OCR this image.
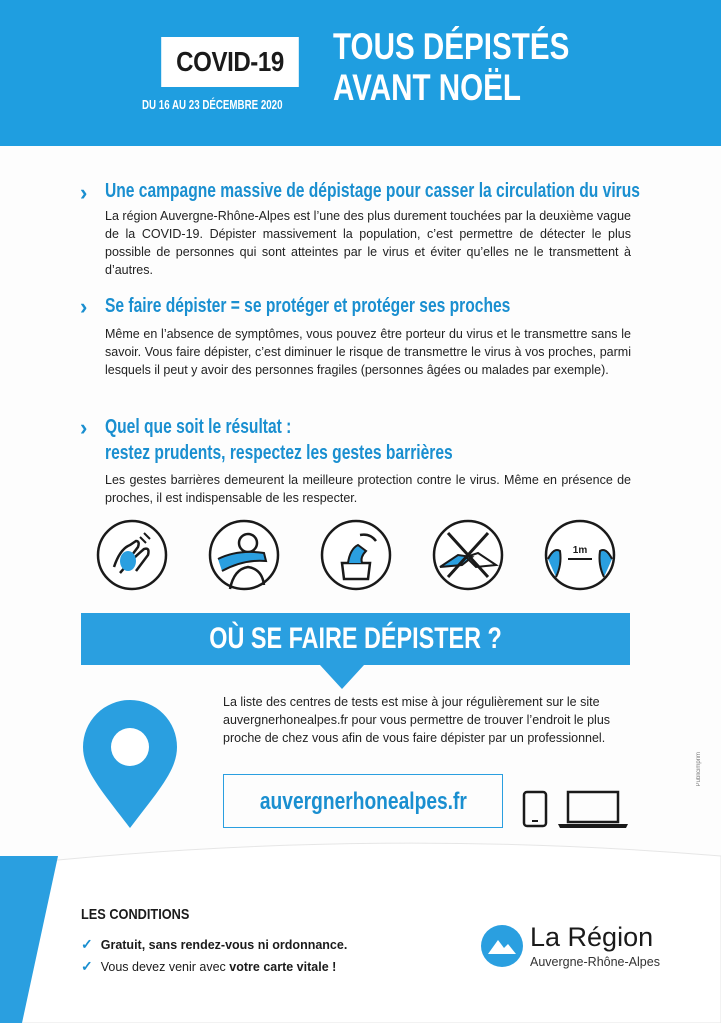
COVID-19
DU 16 AU 23 DÉCEMBRE 2020
TOUS DÉPISTÉS
AVANT NOËL
› Une campagne massive de dépistage pour casser la circulation du virus
La région Auvergne-Rhône-Alpes est l’une des plus durement touchées par la deuxième vague de la COVID-19. Dépister massivement la population, c’est permettre de détecter le plus possible de personnes qui sont atteintes par le virus et éviter qu’elles ne le transmettent à d’autres.
› Se faire dépister = se protéger et protéger ses proches
Même en l’absence de symptômes, vous pouvez être porteur du virus et le transmettre sans le savoir. Vous faire dépister, c’est diminuer le risque de transmettre le virus à vos proches, parmi lesquels il peut y avoir des personnes fragiles (personnes âgées ou malades par exemple).
› Quel que soit le résultat :
restez prudents, respectez les gestes barrières
Les gestes barrières demeurent la meilleure protection contre le virus. Même en présence de proches, il est indispensable de les respecter.
1m
OÙ SE FAIRE DÉPISTER ?
La liste des centres de tests est mise à jour régulièrement sur le site auvergnerhonealpes.fr pour vous permettre de trouver l’endroit le plus proche de chez vous afin de vous faire dépister par un professionnel.
auvergnerhonealpes.fr
LES CONDITIONS
✓ Gratuit, sans rendez-vous ni ordonnance.
✓ Vous devez venir avec votre carte vitale !
La Région
Auvergne-Rhône-Alpes
Publicimprim
